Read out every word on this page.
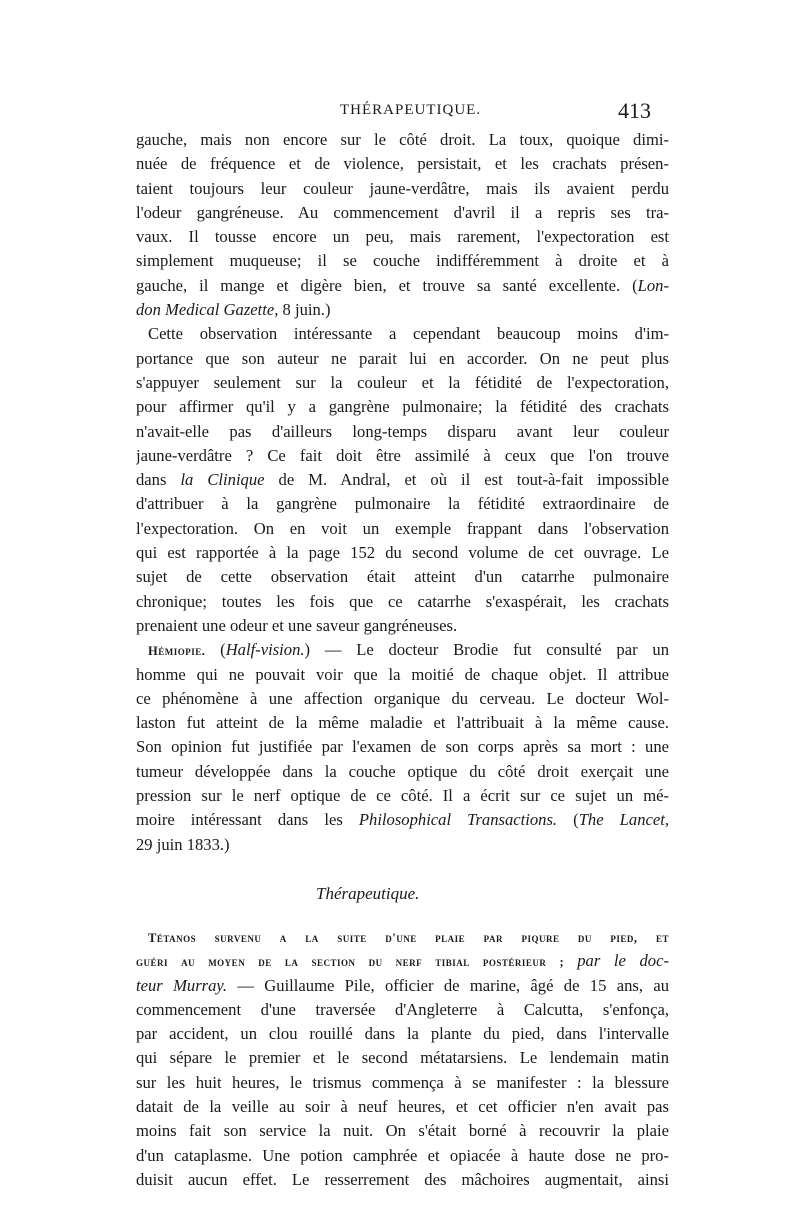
THÉRAPEUTIQUE.	413
gauche, mais non encore sur le côté droit. La toux, quoique dimi-
nuée de fréquence et de violence, persistait, et les crachats présen-
taient toujours leur couleur jaune-verdâtre, mais ils avaient perdu
l'odeur gangréneuse. Au commencement d'avril il a repris ses tra-
vaux. Il tousse encore un peu, mais rarement, l'expectoration est
simplement muqueuse; il se couche indifféremment à droite et à
gauche, il mange et digère bien, et trouve sa santé excellente. (Lon-
don Medical Gazette, 8 juin.)
Cette observation intéressante a cependant beaucoup moins d'im-
portance que son auteur ne parait lui en accorder. On ne peut plus
s'appuyer seulement sur la couleur et la fétidité de l'expectoration,
pour affirmer qu'il y a gangrène pulmonaire; la fétidité des crachats
n'avait-elle pas d'ailleurs long-temps disparu avant leur couleur
jaune-verdâtre ? Ce fait doit être assimilé à ceux que l'on trouve
dans la Clinique de M. Andral, et où il est tout-à-fait impossible
d'attribuer à la gangrène pulmonaire la fétidité extraordinaire de
l'expectoration. On en voit un exemple frappant dans l'observation
qui est rapportée à la page 152 du second volume de cet ouvrage. Le
sujet de cette observation était atteint d'un catarrhe pulmonaire
chronique; toutes les fois que ce catarrhe s'exaspérait, les crachats
prenaient une odeur et une saveur gangréneuses.
Hémiopie. (Half-vision.) — Le docteur Brodie fut consulté par un
homme qui ne pouvait voir que la moitié de chaque objet. Il attribue
ce phénomène à une affection organique du cerveau. Le docteur Wol-
laston fut atteint de la même maladie et l'attribuait à la même cause.
Son opinion fut justifiée par l'examen de son corps après sa mort : une
tumeur développée dans la couche optique du côté droit exerçait une
pression sur le nerf optique de ce côté. Il a écrit sur ce sujet un mé-
moire intéressant dans les Philosophical Transactions. (The Lancet,
29 juin 1833.)
Thérapeutique.
Tétanos survenu a la suite d'une plaie par piqure du pied, et
guéri au moyen de la section du nerf tibial postérieur ; par le doc-
teur Murray. — Guillaume Pile, officier de marine, âgé de 15 ans, au
commencement d'une traversée d'Angleterre à Calcutta, s'enfonça,
par accident, un clou rouillé dans la plante du pied, dans l'intervalle
qui sépare le premier et le second métatarsiens. Le lendemain matin
sur les huit heures, le trismus commença à se manifester : la blessure
datait de la veille au soir à neuf heures, et cet officier n'en avait pas
moins fait son service la nuit. On s'était borné à recouvrir la plaie
d'un cataplasme. Une potion camphrée et opiacée à haute dose ne pro-
duisit aucun effet. Le resserrement des mâchoires augmentait, ainsi
